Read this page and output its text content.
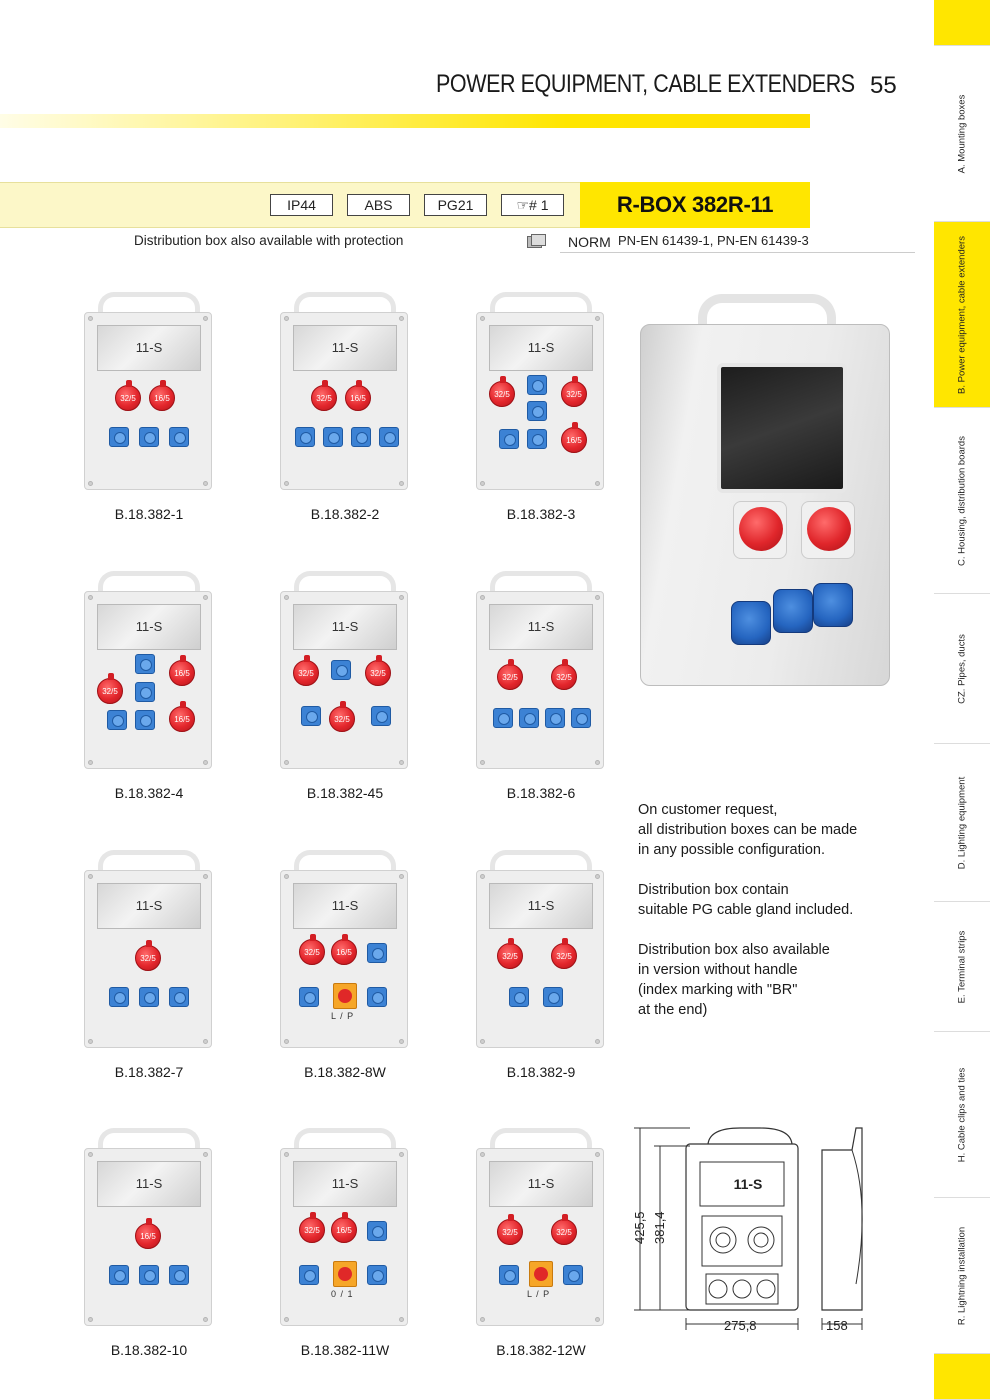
POWER EQUIPMENT, CABLE EXTENDERS 55
IP44	ABS	PG21	☞# 1	R-BOX 382R-11
Distribution box also available with protection	NORM PN-EN 61439-1, PN-EN 61439-3
A. Mounting boxes
B. Power equipment, cable extenders
C. Housing, distribution boards
CZ. Pipes, ducts
D. Lighting equipment
E. Terminal strips
H. Cable clips and ties
R. Lightning installation
11-S
32/5	16/5
B.18.382-1
11-S
32/5	16/5
B.18.382-2
11-S
32/5	32/5
16/5
B.18.382-3
11-S
32/5
16/5
16/5
B.18.382-4
11-S
32/5	32/5
32/5
B.18.382-45
11-S
32/5	32/5
B.18.382-6
11-S
32/5
B.18.382-7
11-S
32/5	16/5
L / P
B.18.382-8W
11-S
32/5	32/5
B.18.382-9
11-S
16/5
B.18.382-10
11-S
32/5	16/5
0 / 1
B.18.382-11W
11-S
32/5	32/5
L / P
B.18.382-12W
On customer request,
all distribution boxes can be made
in any possible configuration.
Distribution box contain
suitable PG cable gland included.
Distribution box also available
in version without handle
(index marking with "BR"
at the end)
11-S
425,5 381,4
275,8	158
